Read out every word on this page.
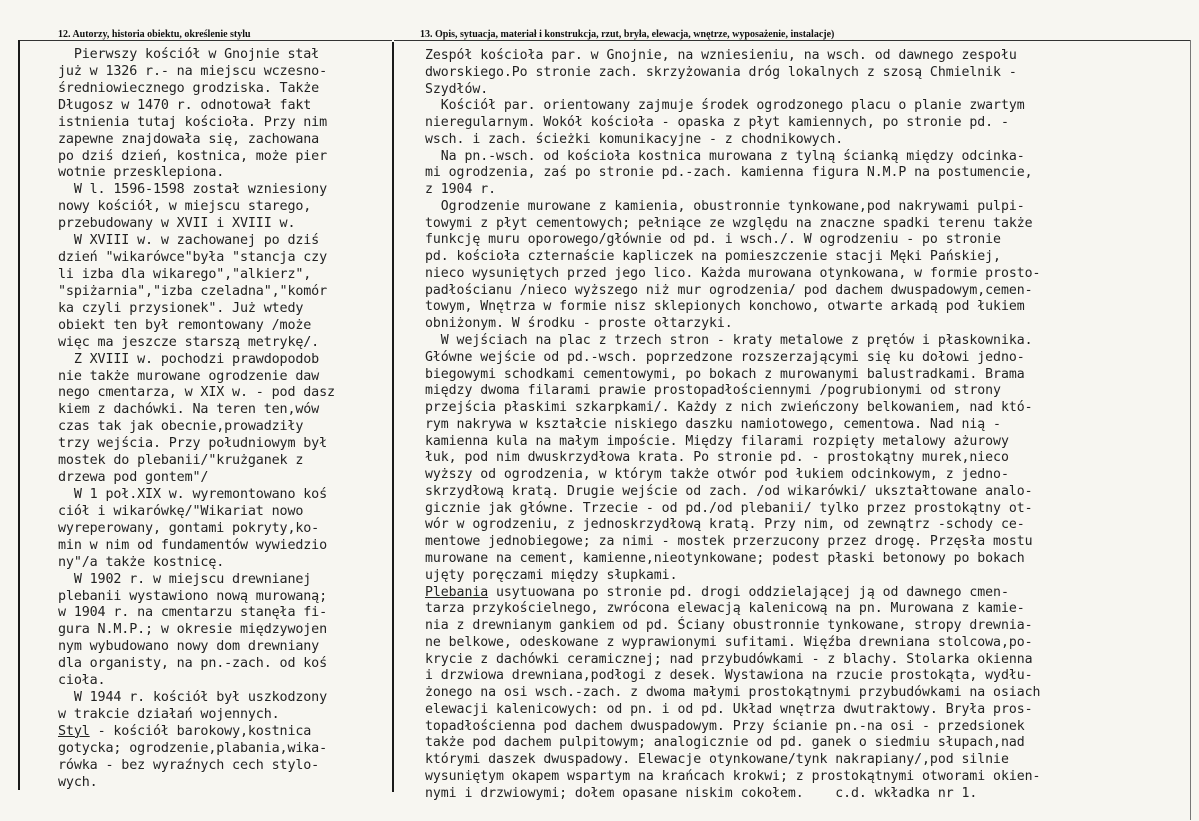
12. Autorzy, historia obiektu, określenie stylu	13. Opis, sytuacja, materiał i konstrukcja, rzut, bryła, elewacja, wnętrze, wyposażenie, instalacje)
Pierwszy kościół w Gnojnie stał
już w 1326 r.- na miejscu wczesno-
średniowiecznego grodziska. Także
Długosz w 1470 r. odnotował fakt
istnienia tutaj kościoła. Przy nim
zapewne znajdowała się, zachowana
po dziś dzień, kostnica, może pier
wotnie przesklepiona.
W l. 1596-1598 został wzniesiony
nowy kościół, w miejscu starego,
przebudowany w XVII i XVIII w.
W XVIII w. w zachowanej po dziś
dzień "wikarówce"była "stancja czy
li izba dla wikarego","alkierz",
"spiżarnia","izba czeladna","komór
ka czyli przysionek". Już wtedy
obiekt ten był remontowany /może
więc ma jeszcze starszą metrykę/.
Z XVIII w. pochodzi prawdopodob
nie także murowane ogrodzenie daw
nego cmentarza, w XIX w. - pod dasz
kiem z dachówki. Na teren ten,wów
czas tak jak obecnie,prowadziły
trzy wejścia. Przy południowym był
mostek do plebanii/"krużganek z
drzewa pod gontem"/
W 1 poł.XIX w. wyremontowano koś
ciół i wikarówkę/"Wikariat nowo
wyreperowany, gontami pokryty,ko-
min w nim od fundamentów wywiedzio
ny"/a także kostnicę.
W 1902 r. w miejscu drewnianej
plebanii wystawiono nową murowaną;
w 1904 r. na cmentarzu stanęła fi-
gura N.M.P.; w okresie międzywojen
nym wybudowano nowy dom drewniany
dla organisty, na pn.-zach. od koś
cioła.
W 1944 r. kościół był uszkodzony
w trakcie działań wojennych.
Styl - kościół barokowy,kostnica
gotycka; ogrodzenie,plabania,wika-
rówka - bez wyraźnych cech stylo-
wych.
Zespół kościoła par. w Gnojnie, na wzniesieniu, na wsch. od dawnego zespołu
dworskiego.Po stronie zach. skrzyżowania dróg lokalnych z szosą Chmielnik -
Szydłów.
Kościół par. orientowany zajmuje środek ogrodzonego placu o planie zwartym
nieregularnym. Wokół kościoła - opaska z płyt kamiennych, po stronie pd. -
wsch. i zach. ścieżki komunikacyjne - z chodnikowych.
Na pn.-wsch. od kościoła kostnica murowana z tylną ścianką między odcinka-
mi ogrodzenia, zaś po stronie pd.-zach. kamienna figura N.M.P na postumencie,
z 1904 r.
Ogrodzenie murowane z kamienia, obustronnie tynkowane,pod nakrywami pulpi-
towymi z płyt cementowych; pełniące ze względu na znaczne spadki terenu także
funkcję muru oporowego/głównie od pd. i wsch./. W ogrodzeniu - po stronie
pd. kościoła czternaście kapliczek na pomieszczenie stacji Męki Pańskiej,
nieco wysuniętych przed jego lico. Każda murowana otynkowana, w formie prosto-
padłościanu /nieco wyższego niż mur ogrodzenia/ pod dachem dwuspadowym,cemen-
towym, Wnętrza w formie nisz sklepionych konchowo, otwarte arkadą pod łukiem
obniżonym. W środku - proste ołtarzyki.
W wejściach na plac z trzech stron - kraty metalowe z prętów i płaskownika.
Główne wejście od pd.-wsch. poprzedzone rozszerzającymi się ku dołowi jedno-
biegowymi schodkami cementowymi, po bokach z murowanymi balustradkami. Brama
między dwoma filarami prawie prostopadłościennymi /pogrubionymi od strony
przejścia płaskimi szkarpkami/. Każdy z nich zwieńczony belkowaniem, nad któ-
rym nakrywa w kształcie niskiego daszku namiotowego, cementowa. Nad nią -
kamienna kula na małym impoście. Między filarami rozpięty metalowy ażurowy
łuk, pod nim dwuskrzydłowa krata. Po stronie pd. - prostokątny murek,nieco
wyższy od ogrodzenia, w którym także otwór pod łukiem odcinkowym, z jedno-
skrzydłową kratą. Drugie wejście od zach. /od wikarówki/ ukształtowane analo-
gicznie jak główne. Trzecie - od pd./od plebanii/ tylko przez prostokątny ot-
wór w ogrodzeniu, z jednoskrzydłową kratą. Przy nim, od zewnątrz -schody ce-
mentowe jednobiegowe; za nimi - mostek przerzucony przez drogę. Przęsła mostu
murowane na cement, kamienne,nieotynkowane; podest płaski betonowy po bokach
ujęty poręczami między słupkami.
Plebania usytuowana po stronie pd. drogi oddzielającej ją od dawnego cmen-
tarza przykościelnego, zwrócona elewacją kalenicową na pn. Murowana z kamie-
nia z drewnianym gankiem od pd. Ściany obustronnie tynkowane, stropy drewnia-
ne belkowe, odeskowane z wyprawionymi sufitami. Więźba drewniana stolcowa,po-
krycie z dachówki ceramicznej; nad przybudówkami - z blachy. Stolarka okienna
i drzwiowa drewniana,podłogi z desek. Wystawiona na rzucie prostokąta, wydłu-
żonego na osi wsch.-zach. z dwoma małymi prostokątnymi przybudówkami na osiach
elewacji kalenicowych: od pn. i od pd. Układ wnętrza dwutraktowy. Bryła pros-
topadłościenna pod dachem dwuspadowym. Przy ścianie pn.-na osi - przedsionek
także pod dachem pulpitowym; analogicznie od pd. ganek o siedmiu słupach,nad
którymi daszek dwuspadowy. Elewacje otynkowane/tynk nakrapiany/,pod silnie
wysuniętym okapem wspartym na krańcach krokwi; z prostokątnymi otworami okien-
nymi i drzwiowymi; dołem opasane niskim cokołem.    c.d. wkładka nr 1.
